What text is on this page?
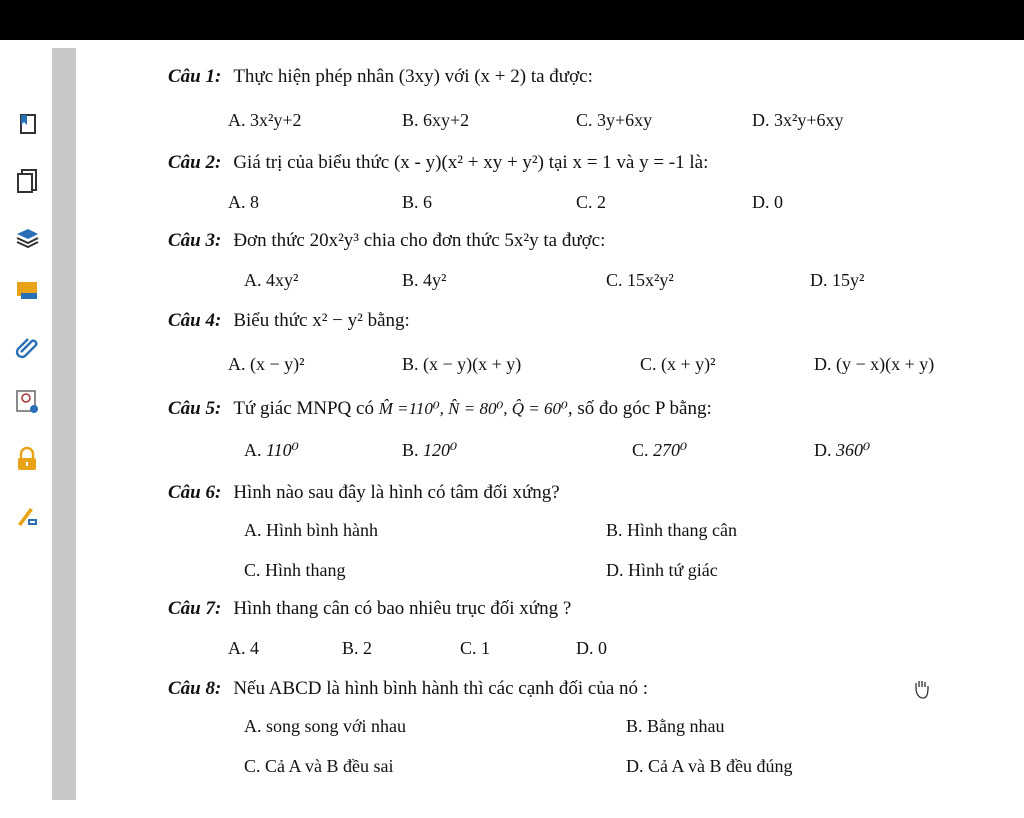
Câu 1: Thực hiện phép nhân (3xy) với (x + 2) ta được:
A. 3x²y+2	B. 6xy+2	C. 3y+6xy	D. 3x²y+6xy
Câu 2: Giá trị của biểu thức (x - y)(x² + xy + y²) tại x = 1 và y = -1 là:
A. 8	B. 6	C. 2	D. 0
Câu 3: Đơn thức 20x²y³ chia cho đơn thức 5x²y ta được:
A. 4xy²	B. 4y²	C. 15x²y²	D. 15y²
Câu 4: Biểu thức x² − y² bằng:
A. (x − y)²	B. (x − y)(x + y)	C. (x + y)²	D. (y − x)(x + y)
Câu 5: Tứ giác MNPQ có M̂ =110⁰, N̂ = 80⁰, Q̂ = 60⁰, số đo góc P bằng:
A. 110⁰	B. 120⁰	C. 270⁰	D. 360⁰
Câu 6: Hình nào sau đây là hình có tâm đối xứng?
A. Hình bình hành	B. Hình thang cân
C. Hình thang	D. Hình tứ giác
Câu 7: Hình thang cân có bao nhiêu trục đối xứng ?
A. 4	B. 2	C. 1	D. 0
Câu 8: Nếu ABCD là hình bình hành thì các cạnh đối của nó :
A. song song với nhau	B. Bằng nhau
C. Cả A và B đều sai	D. Cả A và B đều đúng
